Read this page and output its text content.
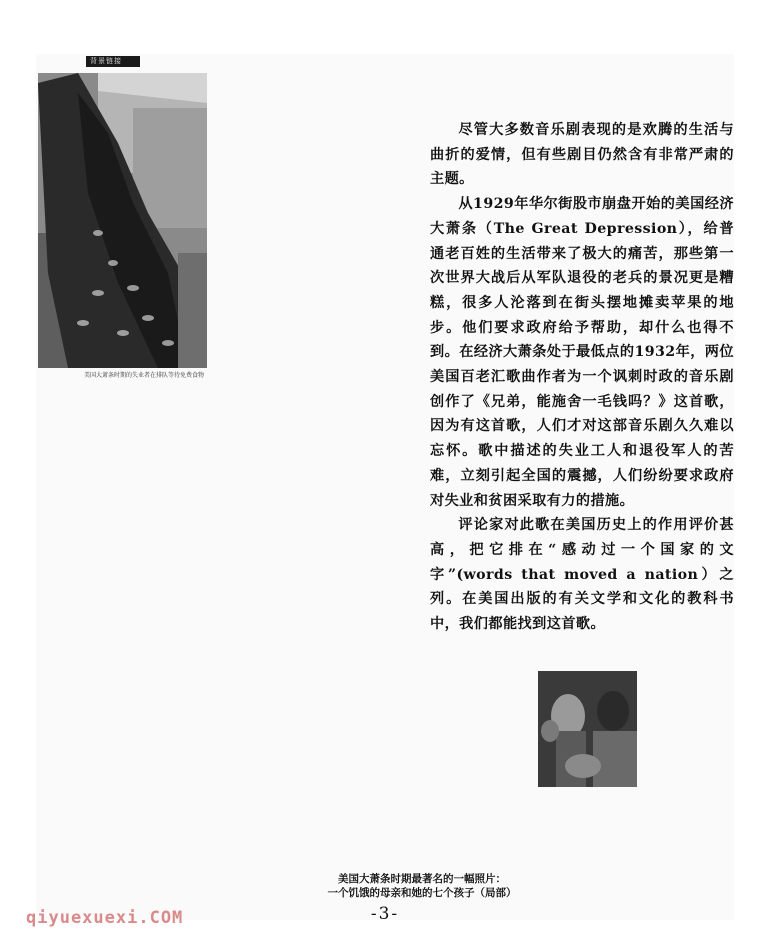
背景链接
美国大萧条时期的失业者在排队等待免费食物

尽管大多数音乐剧表现的是欢腾的生活与曲折的爱情，但有些剧目仍然含有非常严肃的主题。

从1929年华尔街股市崩盘开始的美国经济大萧条（The Great Depression），给普通老百姓的生活带来了极大的痛苦，那些第一次世界大战后从军队退役的老兵的景况更是糟糕，很多人沦落到在街头摆地摊卖苹果的地步。他们要求政府给予帮助，却什么也得不到。在经济大萧条处于最低点的1932年，两位美国百老汇歌曲作者为一个讽刺时政的音乐剧创作了《兄弟，能施舍一毛钱吗？》这首歌，因为有这首歌，人们才对这部音乐剧久久难以忘怀。歌中描述的失业工人和退役军人的苦难，立刻引起全国的震撼，人们纷纷要求政府对失业和贫困采取有力的措施。

评论家对此歌在美国历史上的作用评价甚高，把它排在“感动过一个国家的文字”(words that moved a nation）之列。在美国出版的有关文学和文化的教科书中，我们都能找到这首歌。

美国大萧条时期最著名的一幅照片：
一个饥饿的母亲和她的七个孩子（局部）
-3-
qiyuexuexi.COM
